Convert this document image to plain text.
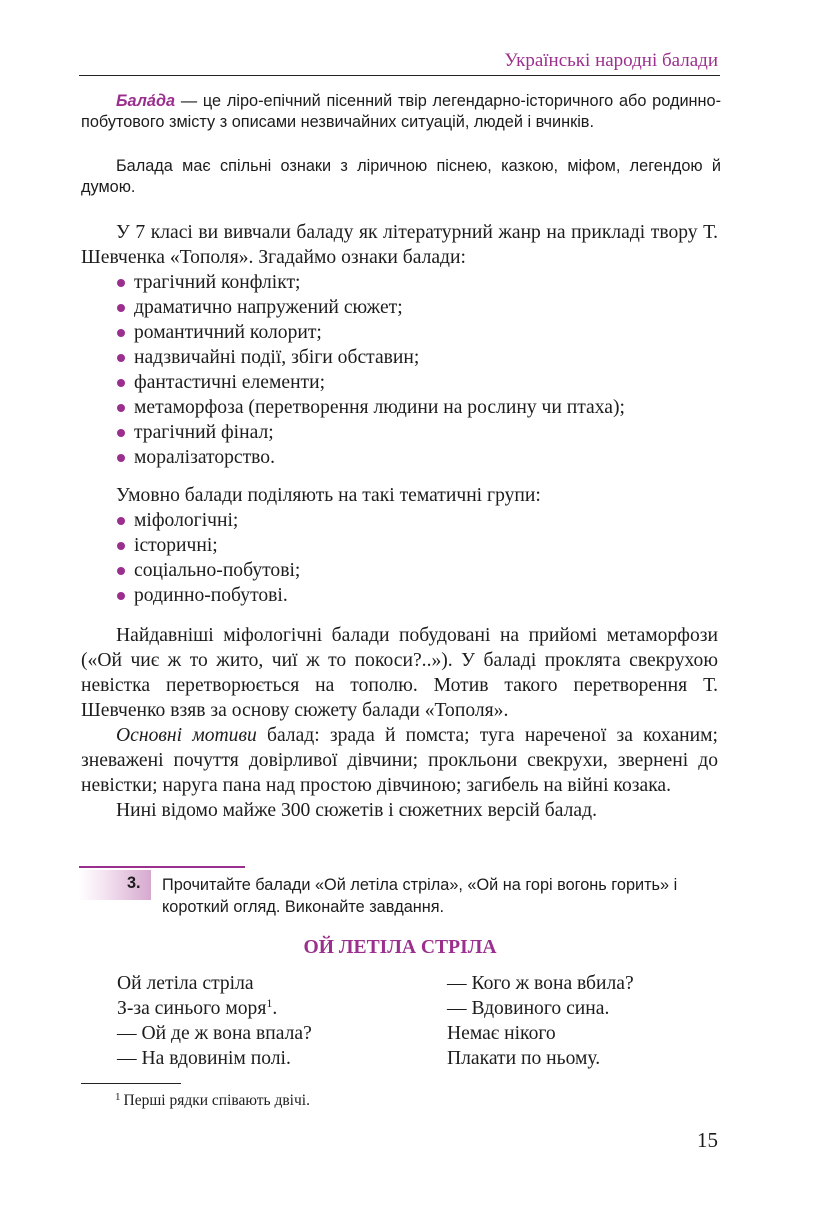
Українські народні балади

Бала́да — це ліро-епічний пісенний твір легендарно-історичного або родинно-побутового змісту з описами незвичайних ситуацій, людей і вчинків.

Балада має спільні ознаки з ліричною піснею, казкою, міфом, легендою й думою.

У 7 класі ви вивчали баладу як літературний жанр на прикладі твору Т. Шевченка «Тополя». Згадаймо ознаки балади:

трагічний конфлікт;
драматично напружений сюжет;
романтичний колорит;
надзвичайні події, збіги обставин;
фантастичні елементи;
метаморфоза (перетворення людини на рослину чи птаха);
трагічний фінал;
моралізаторство.

Умовно балади поділяють на такі тематичні групи:

міфологічні;
історичні;
соціально-побутові;
родинно-побутові.

Найдавніші міфологічні балади побудовані на прийомі метаморфози («Ой чиє ж то жито, чиї ж то покоси?..»). У баладі проклята свекрухою невістка перетворюється на тополю. Мотив такого перетворення Т. Шевченко взяв за основу сюжету балади «Тополя».

Основні мотиви балад: зрада й помста; туга нареченої за коханим; зневажені почуття довірливої дівчини; прокльони свекрухи, звернені до невістки; наруга пана над простою дівчиною; загибель на війні козака.

Нині відомо майже 300 сюжетів і сюжетних версій балад.

3. Прочитайте балади «Ой летіла стріла», «Ой на горі вогонь горить» і короткий огляд. Виконайте завдання.
ОЙ ЛЕТІЛА СТРІЛА
Ой летіла стріла
З-за синього моря$^1$.
— Ой де ж вона впала?
— На вдовинім полі.
— Кого ж вона вбила?
— Вдовиного сина.
Немає нікого
Плакати по ньому.
$^1$ Перші рядки співають двічі.
15
